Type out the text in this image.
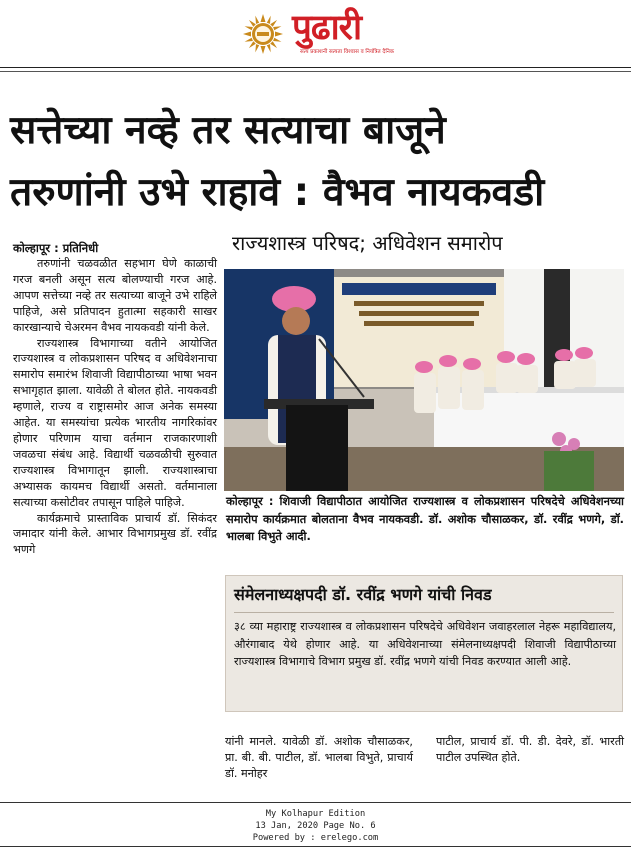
पुढारी
सत्य प्रकाशनी सत्यता विश्वास व नियंत्रित दैनिक
सत्तेच्या नव्हे तर सत्याचा बाजूने
तरुणांनी उभे राहावे : वैभव नायकवडी
राज्यशास्त्र परिषद; अधिवेशन समारोप
कोल्हापूर : प्रतिनिधी

तरुणांनी चळवळीत सहभाग घेणे काळाची गरज बनली असून सत्य बोलण्याची गरज आहे. आपण सत्तेच्या नव्हे तर सत्याच्या बाजूने उभे राहिले पाहिजे, असे प्रतिपादन हुतात्मा सहकारी साखर कारखान्याचे चेअरमन वैभव नायकवडी यांनी केले.

राज्यशास्त्र विभागाच्या वतीने आयोजित राज्यशास्त्र व लोकप्रशासन परिषद व अधिवेशनाचा समारोप समारंभ शिवाजी विद्यापीठाच्या भाषा भवन सभागृहात झाला. यावेळी ते बोलत होते. नायकवडी म्हणाले, राज्य व राष्ट्रासमोर आज अनेक समस्या आहेत. या समस्यांचा प्रत्येक भारतीय नागरिकांवर होणार परिणाम याचा वर्तमान राजकारणाशी जवळचा संबंध आहे. विद्यार्थी चळवळीची सुरुवात राज्यशास्त्र विभागातून झाली. राज्यशास्त्राचा अभ्यासक कायमच विद्यार्थी असतो. वर्तमानाला सत्याच्या कसोटीवर तपासून पाहिले पाहिजे.

कार्यक्रमाचे प्रास्ताविक प्राचार्य डॉ. सिकंदर जमादार यांनी केले. आभार विभागप्रमुख डॉ. रवींद्र भणगे

कोल्हापूर : शिवाजी विद्यापीठात आयोजित राज्यशास्त्र व लोकप्रशासन परिषदेचे अधिवेशनच्या समारोप कार्यक्रमात बोलताना वैभव नायकवडी. डॉ. अशोक चौसाळकर, डॉ. रवींद्र भणगे, डॉ. भालबा विभुते आदी.
संमेलनाध्यक्षपदी डॉ. रवींद्र भणगे यांची निवड
३८ व्या महाराष्ट्र राज्यशास्त्र व लोकप्रशासन परिषदेचे अधिवेशन जवाहरलाल नेहरू महाविद्यालय, औरंगाबाद येथे होणार आहे. या अधिवेशनाच्या संमेलनाध्यक्षपदी शिवाजी विद्यापीठाच्या राज्यशास्त्र विभागाचे विभाग प्रमुख डॉ. रवींद्र भणगे यांची निवड करण्यात आली आहे.
यांनी मानले. यावेळी डॉ. अशोक चौसाळकर, प्रा. बी. बी. पाटील, डॉ. भालबा विभुते, प्राचार्य डॉ. मनोहर
पाटील, प्राचार्य डॉ. पी. डी. देवरे, डॉ. भारती पाटील उपस्थित होते.
My Kolhapur Edition
13 Jan, 2020 Page No. 6
Powered by : erelego.com
